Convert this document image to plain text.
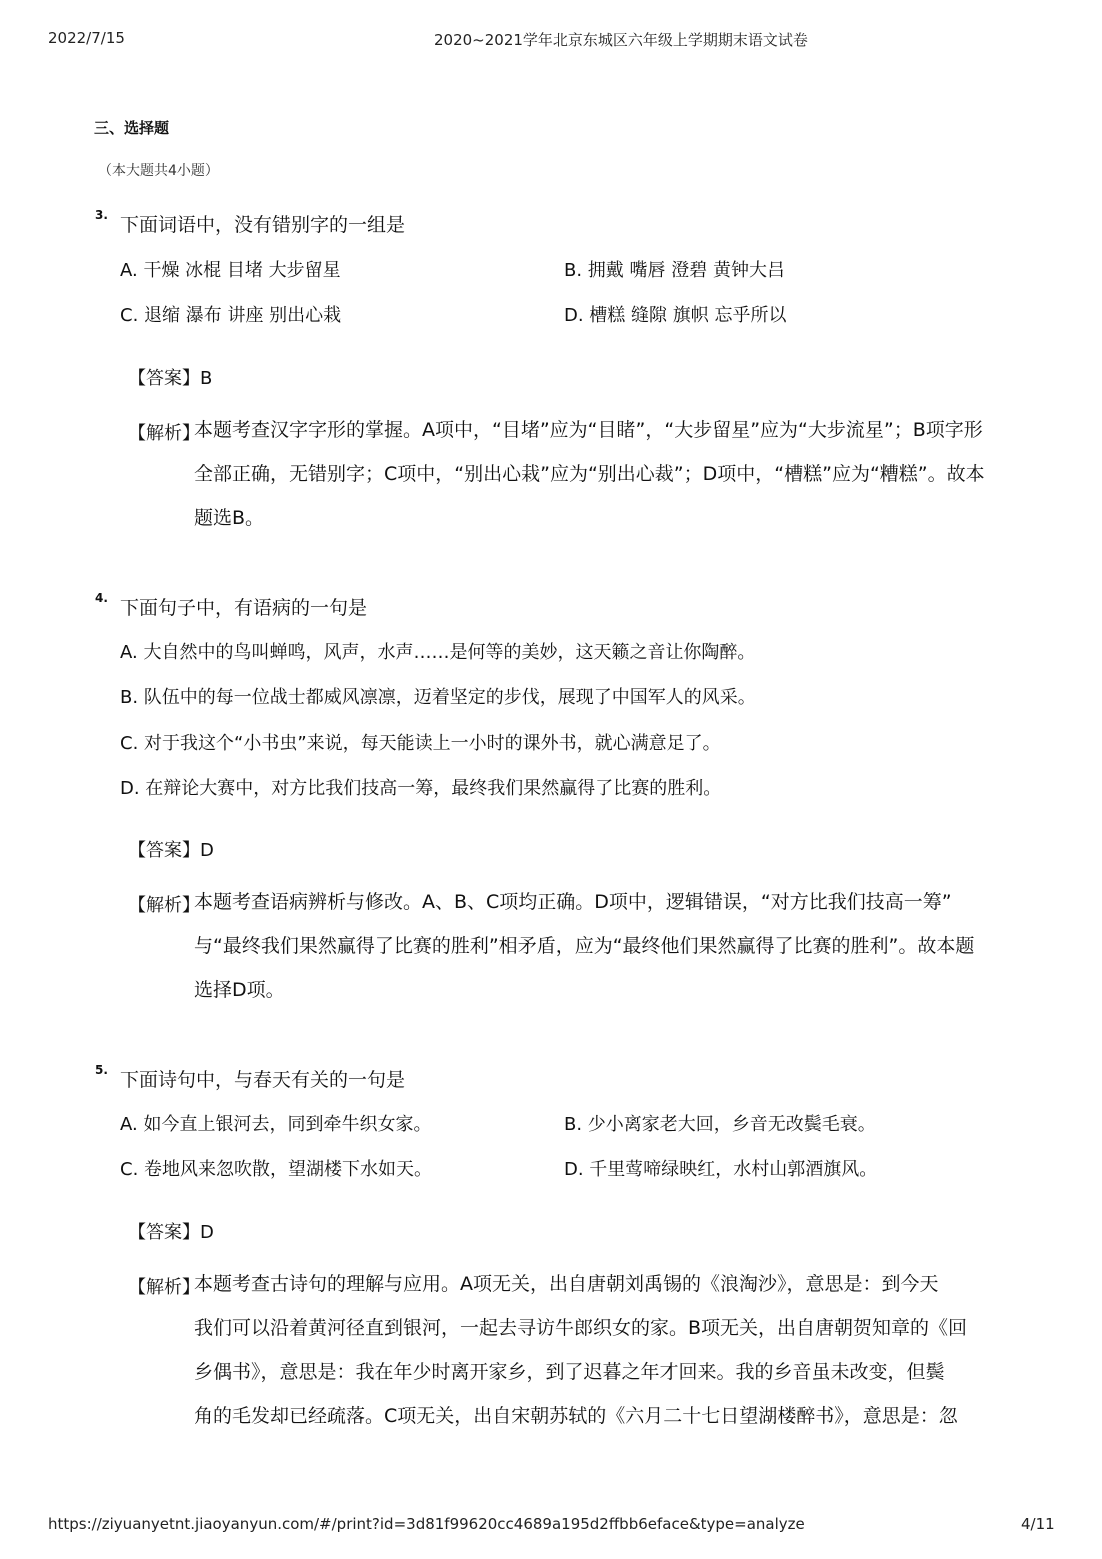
2022/7/15	2020~2021学年北京东城区六年级上学期期末语文试卷
三、选择题
（本大题共4小题）
3. 下面词语中，没有错别字的一组是
A. 干燥 冰棍 目堵 大步留星	B. 拥戴 嘴唇 澄碧 黄钟大吕
C. 退缩 瀑布 讲座 别出心栽	D. 槽糕 缝隙 旗帜 忘乎所以
【答案】B
【解析】
本题考查汉字字形的掌握。A项中，“目堵”应为“目睹”，“大步留星”应为“大步流星”；B项字形
全部正确，无错别字；C项中，“别出心栽”应为“别出心裁”；D项中，“槽糕”应为“糟糕”。故本
题选B。
4. 下面句子中，有语病的一句是
A. 大自然中的鸟叫蝉鸣，风声，水声……是何等的美妙，这天籁之音让你陶醉。
B. 队伍中的每一位战士都威风凛凛，迈着坚定的步伐，展现了中国军人的风采。
C. 对于我这个“小书虫”来说，每天能读上一小时的课外书，就心满意足了。
D. 在辩论大赛中，对方比我们技高一筹，最终我们果然赢得了比赛的胜利。
【答案】D
【解析】
本题考查语病辨析与修改。A、B、C项均正确。D项中，逻辑错误，“对方比我们技高一筹”
与“最终我们果然赢得了比赛的胜利”相矛盾，应为“最终他们果然赢得了比赛的胜利”。故本题
选择D项。
5. 下面诗句中，与春天有关的一句是
A. 如今直上银河去，同到牵牛织女家。	B. 少小离家老大回，乡音无改鬓毛衰。
C. 卷地风来忽吹散，望湖楼下水如天。	D. 千里莺啼绿映红，水村山郭酒旗风。
【答案】D
【解析】
本题考查古诗句的理解与应用。A项无关，出自唐朝刘禹锡的《浪淘沙》，意思是：到今天
我们可以沿着黄河径直到银河，一起去寻访牛郎织女的家。B项无关，出自唐朝贺知章的《回
乡偶书》，意思是：我在年少时离开家乡，到了迟暮之年才回来。我的乡音虽未改变，但鬓
角的毛发却已经疏落。C项无关，出自宋朝苏轼的《六月二十七日望湖楼醉书》，意思是：忽
https://ziyuanyetnt.jiaoyanyun.com/#/print?id=3d81f99620cc4689a195d2ffbb6eface&type=analyze	4/11
